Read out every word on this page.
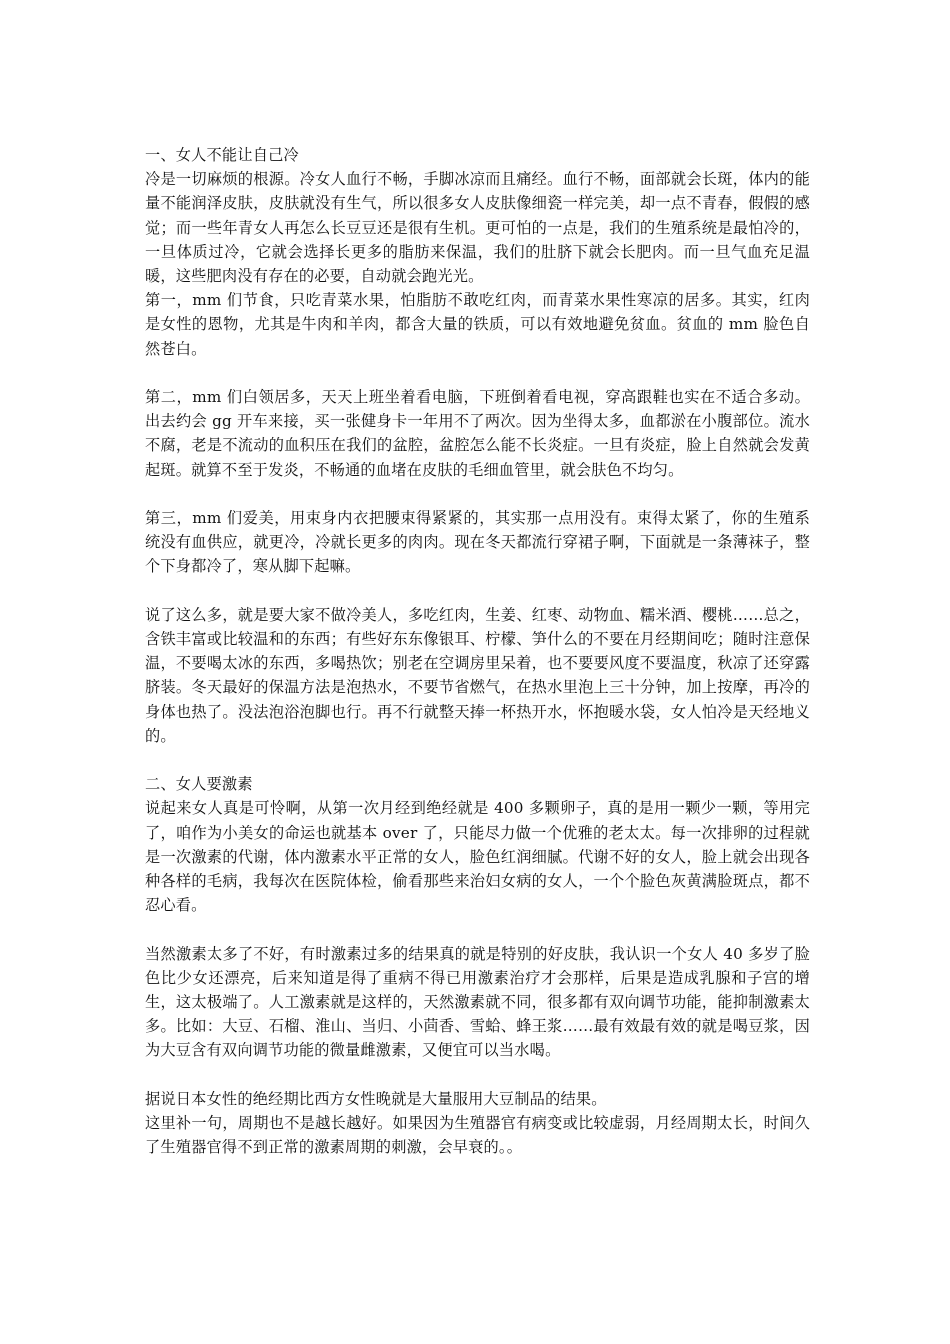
一、女人不能让自己冷

冷是一切麻烦的根源。冷女人血行不畅，手脚冰凉而且痛经。血行不畅，面部就会长斑，体内的能量不能润泽皮肤，皮肤就没有生气，所以很多女人皮肤像细瓷一样完美，却一点不青春，假假的感觉；而一些年青女人再怎么长豆豆还是很有生机。更可怕的一点是，我们的生殖系统是最怕冷的，一旦体质过冷，它就会选择长更多的脂肪来保温，我们的肚脐下就会长肥肉。而一旦气血充足温暖，这些肥肉没有存在的必要，自动就会跑光光。

第一，mm 们节食，只吃青菜水果，怕脂肪不敢吃红肉，而青菜水果性寒凉的居多。其实，红肉是女性的恩物，尤其是牛肉和羊肉，都含大量的铁质，可以有效地避免贫血。贫血的 mm 脸色自然苍白。

第二，mm 们白领居多，天天上班坐着看电脑，下班倒着看电视，穿高跟鞋也实在不适合多动。出去约会 gg 开车来接，买一张健身卡一年用不了两次。因为坐得太多，血都淤在小腹部位。流水不腐，老是不流动的血积压在我们的盆腔，盆腔怎么能不长炎症。一旦有炎症，脸上自然就会发黄起斑。就算不至于发炎，不畅通的血堵在皮肤的毛细血管里，就会肤色不均匀。

第三，mm 们爱美，用束身内衣把腰束得紧紧的，其实那一点用没有。束得太紧了，你的生殖系统没有血供应，就更冷，冷就长更多的肉肉。现在冬天都流行穿裙子啊，下面就是一条薄袜子，整个下身都冷了，寒从脚下起嘛。

说了这么多，就是要大家不做冷美人，多吃红肉，生姜、红枣、动物血、糯米酒、樱桃……总之，含铁丰富或比较温和的东西；有些好东东像银耳、柠檬、笋什么的不要在月经期间吃；随时注意保温，不要喝太冰的东西，多喝热饮；别老在空调房里呆着，也不要要风度不要温度，秋凉了还穿露脐装。冬天最好的保温方法是泡热水，不要节省燃气，在热水里泡上三十分钟，加上按摩，再冷的身体也热了。没法泡浴泡脚也行。再不行就整天捧一杯热开水，怀抱暖水袋，女人怕冷是天经地义的。

二、女人要激素

说起来女人真是可怜啊，从第一次月经到绝经就是 400 多颗卵子，真的是用一颗少一颗，等用完了，咱作为小美女的命运也就基本 over 了，只能尽力做一个优雅的老太太。每一次排卵的过程就是一次激素的代谢，体内激素水平正常的女人，脸色红润细腻。代谢不好的女人，脸上就会出现各种各样的毛病，我每次在医院体检，偷看那些来治妇女病的女人，一个个脸色灰黄满脸斑点，都不忍心看。

当然激素太多了不好，有时激素过多的结果真的就是特别的好皮肤，我认识一个女人 40 多岁了脸色比少女还漂亮，后来知道是得了重病不得已用激素治疗才会那样，后果是造成乳腺和子宫的增生，这太极端了。人工激素就是这样的，天然激素就不同，很多都有双向调节功能，能抑制激素太多。比如：大豆、石榴、淮山、当归、小茴香、雪蛤、蜂王浆……最有效最有效的就是喝豆浆，因为大豆含有双向调节功能的微量雌激素，又便宜可以当水喝。

据说日本女性的绝经期比西方女性晚就是大量服用大豆制品的结果。

这里补一句，周期也不是越长越好。如果因为生殖器官有病变或比较虚弱，月经周期太长，时间久了生殖器官得不到正常的激素周期的刺激，会早衰的。。
